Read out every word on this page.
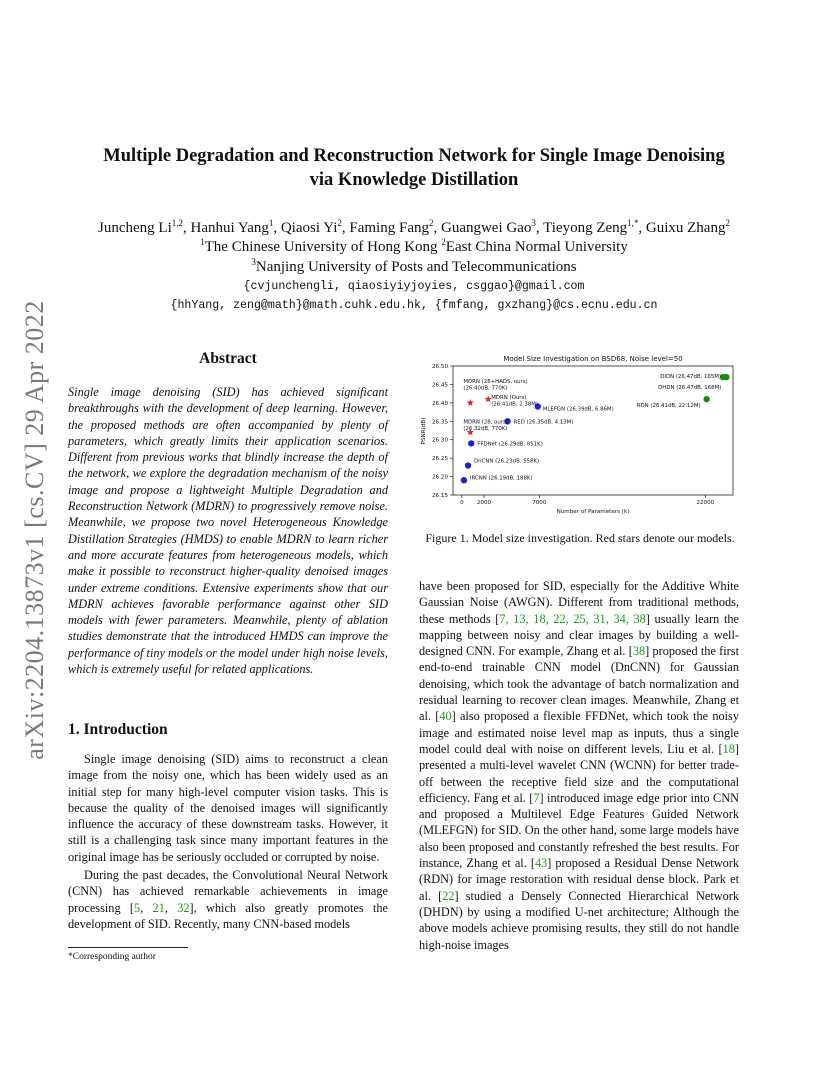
arXiv:2204.13873v1 [cs.CV] 29 Apr 2022
Multiple Degradation and Reconstruction Network for Single Image Denoising
via Knowledge Distillation
Juncheng Li$^{1,2}$, Hanhui Yang$^1$, Qiaosi Yi$^2$, Faming Fang$^2$, Guangwei Gao$^3$, Tieyong Zeng$^{1,*}$, Guixu Zhang$^2$
$^1$The Chinese University of Hong Kong $^2$East China Normal University
$^3$Nanjing University of Posts and Telecommunications
{cvjunchengli, qiaosiyiyjoyies, csggao}@gmail.com
{hhYang, zeng@math}@math.cuhk.edu.hk, {fmfang, gxzhang}@cs.ecnu.edu.cn
Abstract
Single image denoising (SID) has achieved significant breakthroughs with the development of deep learning. However, the proposed methods are often accompanied by plenty of parameters, which greatly limits their application scenarios. Different from previous works that blindly increase the depth of the network, we explore the degradation mechanism of the noisy image and propose a lightweight Multiple Degradation and Reconstruction Network (MDRN) to progressively remove noise. Meanwhile, we propose two novel Heterogeneous Knowledge Distillation Strategies (HMDS) to enable MDRN to learn richer and more accurate features from heterogeneous models, which make it possible to reconstruct higher-quality denoised images under extreme conditions. Extensive experiments show that our MDRN achieves favorable performance against other SID models with fewer parameters. Meanwhile, plenty of ablation studies demonstrate that the introduced HMDS can improve the performance of tiny models or the model under high noise levels, which is extremely useful for related applications.
1. Introduction
Single image denoising (SID) aims to reconstruct a clean image from the noisy one, which has been widely used as an initial step for many high-level computer vision tasks. This is because the quality of the denoised images will significantly influence the accuracy of these downstream tasks. However, it still is a challenging task since many important features in the original image has be seriously occluded or corrupted by noise.
During the past decades, the Convolutional Neural Network (CNN) has achieved remarkable achievements in image processing [5, 21, 32], which also greatly promotes the development of SID. Recently, many CNN-based models
*Corresponding author
Model Size Investigation on BSD68, Noise level=50
26.15
26.20
26.25
26.30
26.35
26.40
26.45
26.50
0 2000	7000	22000
Number of Parameters (k)
PSNR(dB)
MDRN (28+HADS, ours) (26.40dB, 770K)
MDRN (Ours) (26.41dB, 2.38M)
MDRN (28, ours) (26.32dB, 770K)
MLEFGN (26.39dB, 6.86M)
RED (26.35dB, 4.13M)
FFDNet (26.29dB, 851K)
DnCNN (26.23dB, 558K)
IRCNN (26.19dB, 188K)
DIDN (26.47dB, 165M)
DHDN (26.47dB, 168M)
RDN (26.41dB, 22.12M)
Figure 1. Model size investigation. Red stars denote our models.
have been proposed for SID, especially for the Additive White Gaussian Noise (AWGN). Different from traditional methods, these methods [7, 13, 18, 22, 25, 31, 34, 38] usually learn the mapping between noisy and clear images by building a well-designed CNN. For example, Zhang et al. [38] proposed the first end-to-end trainable CNN model (DnCNN) for Gaussian denoising, which took the advantage of batch normalization and residual learning to recover clean images. Meanwhile, Zhang et al. [40] also proposed a flexible FFDNet, which took the noisy image and estimated noise level map as inputs, thus a single model could deal with noise on different levels. Liu et al. [18] presented a multi-level wavelet CNN (WCNN) for better trade-off between the receptive field size and the computational efficiency. Fang et al. [7] introduced image edge prior into CNN and proposed a Multilevel Edge Features Guided Network (MLEFGN) for SID. On the other hand, some large models have also been proposed and constantly refreshed the best results. For instance, Zhang et al. [43] proposed a Residual Dense Network (RDN) for image restoration with residual dense block. Park et al. [22] studied a Densely Connected Hierarchical Network (DHDN) by using a modified U-net architecture; Although the above models achieve promising results, they still do not handle high-noise images
